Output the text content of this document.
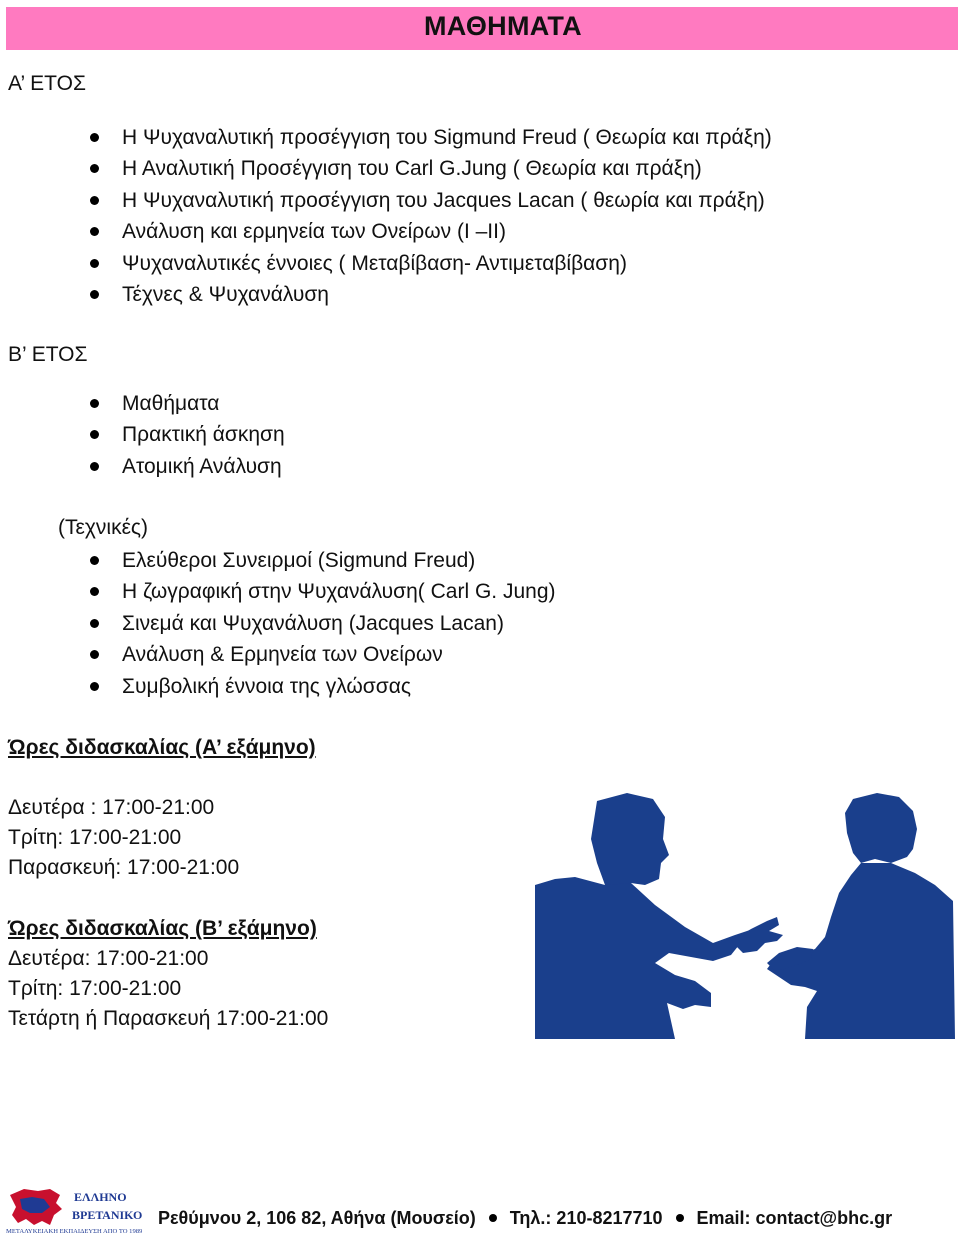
ΜΑΘΗΜΑΤΑ

Α’ ΕΤΟΣ

Η Ψυχαναλυτική προσέγγιση του Sigmund Freud ( Θεωρία και πράξη)
Η Αναλυτική Προσέγγιση του Carl G.Jung ( Θεωρία και πράξη)
Η Ψυχαναλυτική προσέγγιση του Jacques Lacan ( θεωρία και πράξη)
Ανάλυση και ερμηνεία των Ονείρων (I –II)
Ψυχαναλυτικές έννοιες ( Μεταβίβαση- Αντιμεταβίβαση)
Τέχνες & Ψυχανάλυση

Β’ ΕΤΟΣ

Μαθήματα
Πρακτική άσκηση
Ατομική Ανάλυση

(Τεχνικές)

Ελεύθεροι Συνειρμοί (Sigmund Freud)
Η ζωγραφική στην Ψυχανάλυση( Carl G. Jung)
Σινεμά και Ψυχανάλυση (Jacques Lacan)
Ανάλυση & Ερμηνεία των Ονείρων
Συμβολική έννοια της γλώσσας

Ώρες διδασκαλίας (Α’ εξάμηνο)

Δευτέρα : 17:00-21:00

Τρίτη: 17:00-21:00

Παρασκευή: 17:00-21:00

Ώρες διδασκαλίας (Β’ εξάμηνο)

Δευτέρα: 17:00-21:00

Τρίτη: 17:00-21:00

Τετάρτη ή Παρασκευή 17:00-21:00

ΕΛΛΗΝΟ
ΒΡΕΤΑΝΙΚΟ
ΜΕΤΑΛΥΚΕΙΑΚΗ ΕΚΠΑΙΔΕΥΣΗ ΑΠΟ ΤΟ 1989
Ρεθύμνου 2, 106 82, Αθήνα (Μουσείο) Τηλ.: 210-8217710 Email: contact@bhc.gr
